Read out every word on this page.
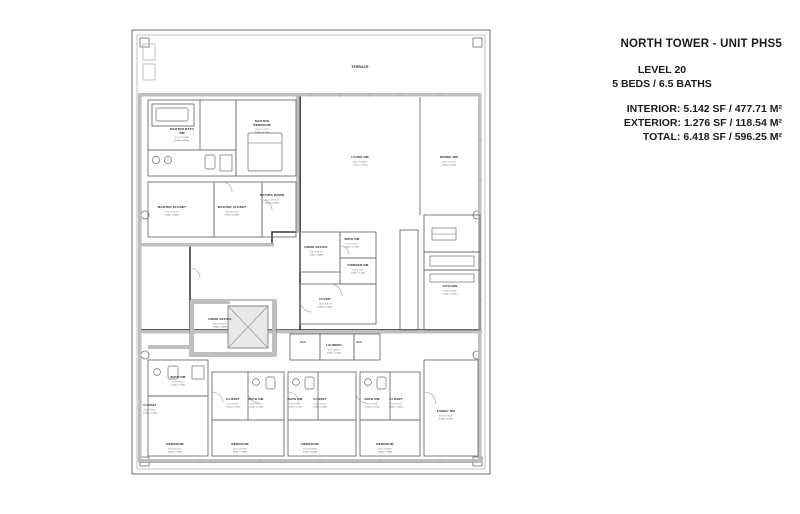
TERRACE
MASTER BATH
RM
13'-4" X 11'-8"
4.06m x 3.55m
MASTER
BEDROOM
15'-0" X 17'-2"
4.57m x 5.23m
LIVING RM
24'-0" X 23'-0"
7.31m x 7.01m
DINING RM
14'-0" X 17'-0"
4.26m x 5.18m
MASTER CLOSET
8'-6" X 11'-0"
2.59m x 3.35m
MASTER CLOSET
8'-6" X 11'-0"
2.59m x 3.35m
SITTING ROOM
11'-2" X 13'-0"
3.40m x 3.96m
HOME OFFICE
9'-0" X 10'-2"
2.74m x 3.09m
BATH RM
5'-6" X 9'-0"
1.67m x 2.74m
POWDER RM
5'-0" X 6'-0"
1.52m x 1.82m
KITCHEN
17'-0" X 14'-0"
5.18m x 4.26m
FOYER
12'-0" X 8'-0"
3.65m x 2.43m
HOME OFFICE
13'-0" X 12'-0"
3.96m x 3.65m
LAUNDRY
6'-0" X 8'-0"
1.82m x 2.43m
A/C	A/C
BATH RM
5'-0" X 9'-0"
1.52m x 2.74m
CLOSET
5'-0" X 6'-0"
1.52m x 1.82m
CLOSET
5'-0" X 6'-0"
1.52m x 1.82m
BATH RM
5'-0" X 9'-0"
1.52m x 2.74m
BATH RM
5'-0" X 9'-0"
1.52m x 2.74m
CLOSET
5'-0" X 6'-0"
1.52m x 1.82m
BATH RM
5'-0" X 9'-0"
1.52m x 2.74m
CLOSET
5'-0" X 6'-0"
1.52m x 1.82m
FAMILY RM
17'-0" X 16'-0"
5.18m x 4.87m
BEDROOM
12'-0" X 13'-0"
3.65m x 3.96m
BEDROOM
12'-0" X 13'-0"
3.65m x 3.96m
BEDROOM
12'-0" X 13'-0"
3.65m x 3.96m
BEDROOM
12'-0" X 13'-0"
3.65m x 3.96m
NORTH TOWER - UNIT PHS5
LEVEL 20
5 BEDS / 6.5 BATHS
INTERIOR: 5.142 SF / 477.71 M²
EXTERIOR: 1.276 SF / 118.54 M²
TOTAL: 6.418 SF / 596.25 M²
